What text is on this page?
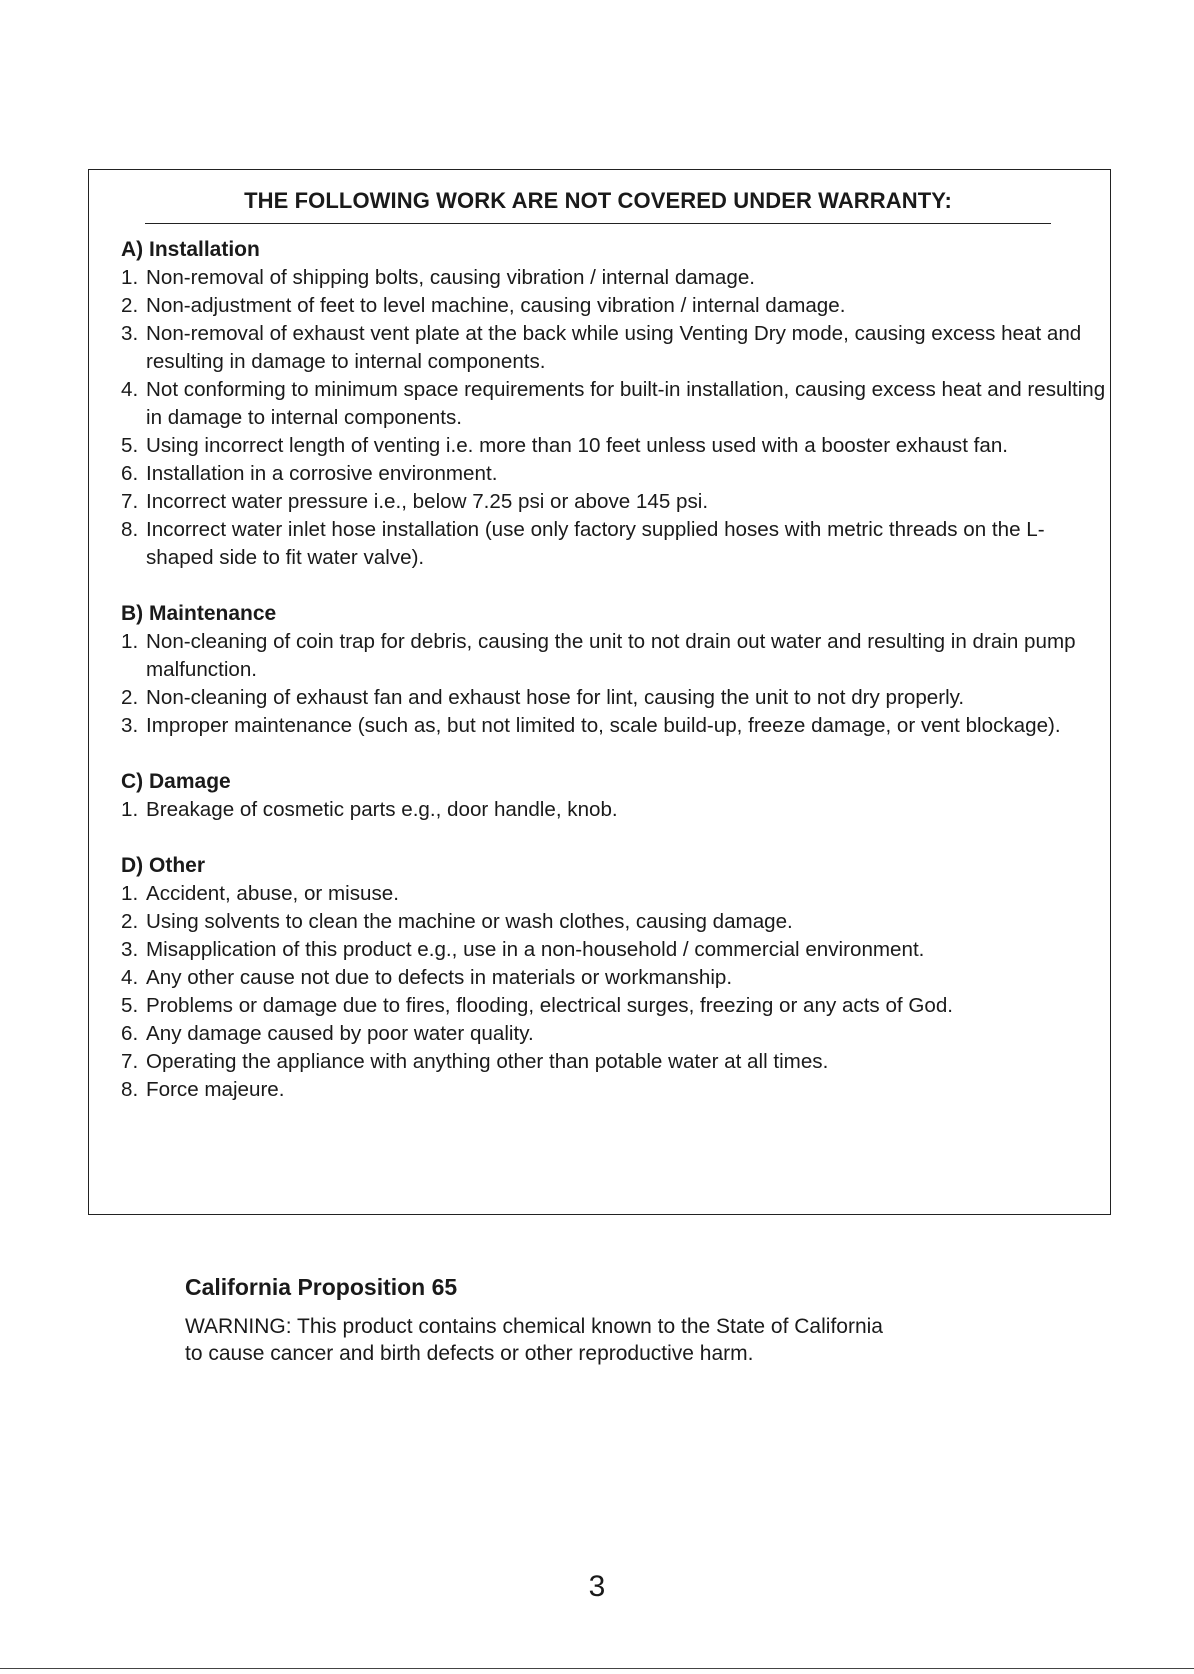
THE FOLLOWING WORK ARE NOT COVERED UNDER WARRANTY:

A) Installation

1. Non-removal of shipping bolts, causing vibration / internal damage.
2. Non-adjustment of feet to level machine, causing vibration / internal damage.
3. Non-removal of exhaust vent plate at the back while using Venting Dry mode, causing excess heat and resulting in damage to internal components.
4. Not conforming to minimum space requirements for built-in installation, causing excess heat and resulting in damage to internal components.
5. Using incorrect length of venting i.e. more than 10 feet unless used with a booster exhaust fan.
6. Installation in a corrosive environment.
7. Incorrect water pressure i.e., below 7.25 psi or above 145 psi.
8. Incorrect water inlet hose installation (use only factory supplied hoses with metric threads on the L-shaped side to fit water valve).

B) Maintenance

1. Non-cleaning of coin trap for debris, causing the unit to not drain out water and resulting in drain pump malfunction.
2. Non-cleaning of exhaust fan and exhaust hose for lint, causing the unit to not dry properly.
3. Improper maintenance (such as, but not limited to, scale build-up, freeze damage, or vent blockage).

C) Damage

1. Breakage of cosmetic parts e.g., door handle, knob.

D) Other

1. Accident, abuse, or misuse.
2. Using solvents to clean the machine or wash clothes, causing damage.
3. Misapplication of this product e.g., use in a non-household / commercial environment.
4. Any other cause not due to defects in materials or workmanship.
5. Problems or damage due to fires, flooding, electrical surges, freezing or any acts of God.
6. Any damage caused by poor water quality.
7. Operating the appliance with anything other than potable water at all times.
8. Force majeure.

California Proposition 65

WARNING: This product contains chemical known to the State of California
to cause cancer and birth defects or other reproductive harm.

3
